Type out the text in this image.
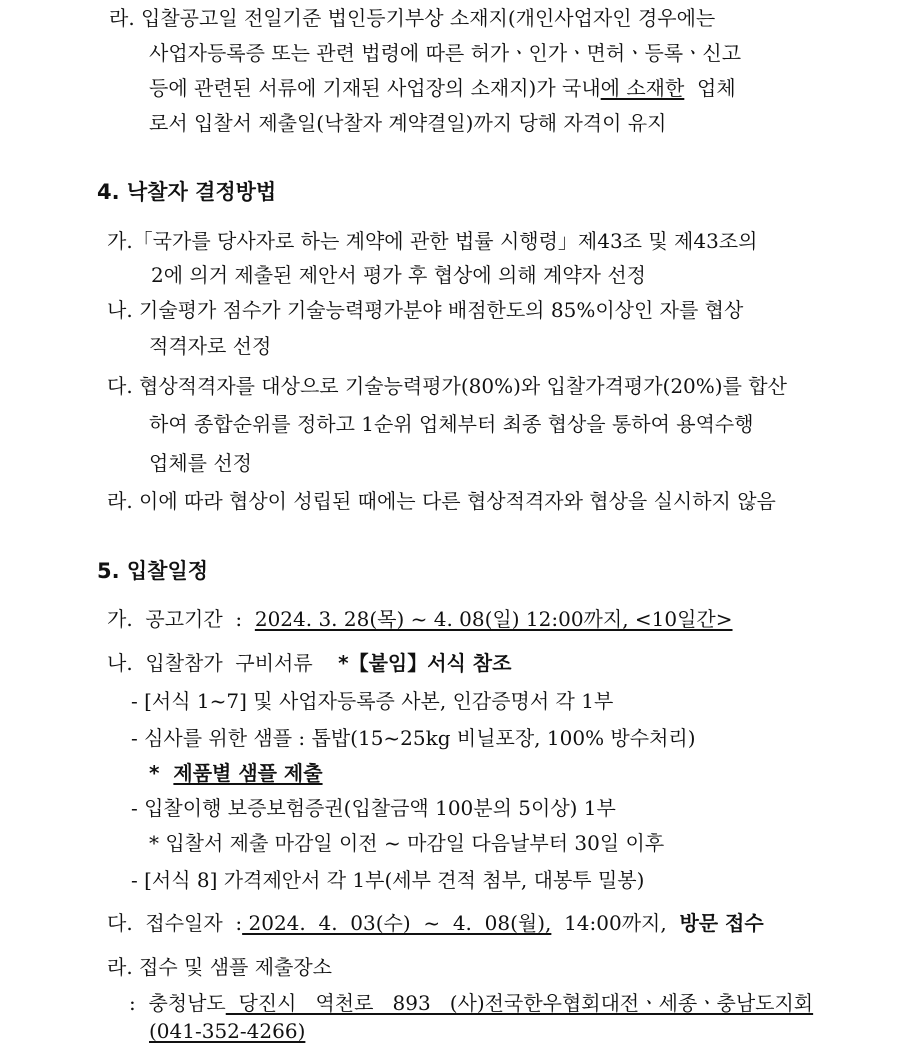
라. 입찰공고일 전일기준 법인등기부상 소재지(개인사업자인 경우에는
사업자등록증 또는 관련 법령에 따른 허가ㆍ인가ㆍ면허ㆍ등록ㆍ신고
등에 관련된 서류에 기재된 사업장의 소재지)가 국내 에 소재한 업체
로서 입찰서 제출일(낙찰자 계약결일)까지 당해 자격이 유지
4. 낙찰자 결정방법
가.「국가를 당사자로 하는 계약에 관한 법률 시행령」제43조 및 제43조의
2에 의거 제출된 제안서 평가 후 협상에 의해 계약자 선정
나. 기술평가 점수가 기술능력평가분야 배점한도의 85%이상인 자를 협상
적격자로 선정
다. 협상적격자를 대상으로 기술능력평가(80%)와 입찰가격평가(20%)를 합산
하여 종합순위를 정하고 1순위 업체부터 최종 협상을 통하여 용역수행
업체를 선정
라. 이에 따라 협상이 성립된 때에는 다른 협상적격자와 협상을 실시하지 않음
5. 입찰일정
가.  공고기간  : 2024. 3. 28(목) ~ 4. 08(일) 12:00까지, <10일간>
나.  입찰참가  구비서류 *【붙임】서식 참조
- [서식 1~7] 및 사업자등록증 사본, 인감증명서 각 1부
- 심사를 위한 샘플 : 톱밥(15~25kg 비닐포장, 100% 방수처리)
* 제품별 샘플 제출
- 입찰이행 보증보험증권(입찰금액 100분의 5이상) 1부
* 입찰서 제출 마감일 이전 ~ 마감일 다음날부터 30일 이후
- [서식 8] 가격제안서 각 1부(세부 견적 첨부, 대봉투 밀봉)
다.  접수일자  : 2024.  4.  03(수)  ~  4.  08(월), 14:00까지, 방문 접수
라. 접수 및 샘플 제출장소
:  충청남도 당진시   역천로   893   (사)전국한우협회대전ㆍ세종ㆍ충남도지회
(041-352-4266)
